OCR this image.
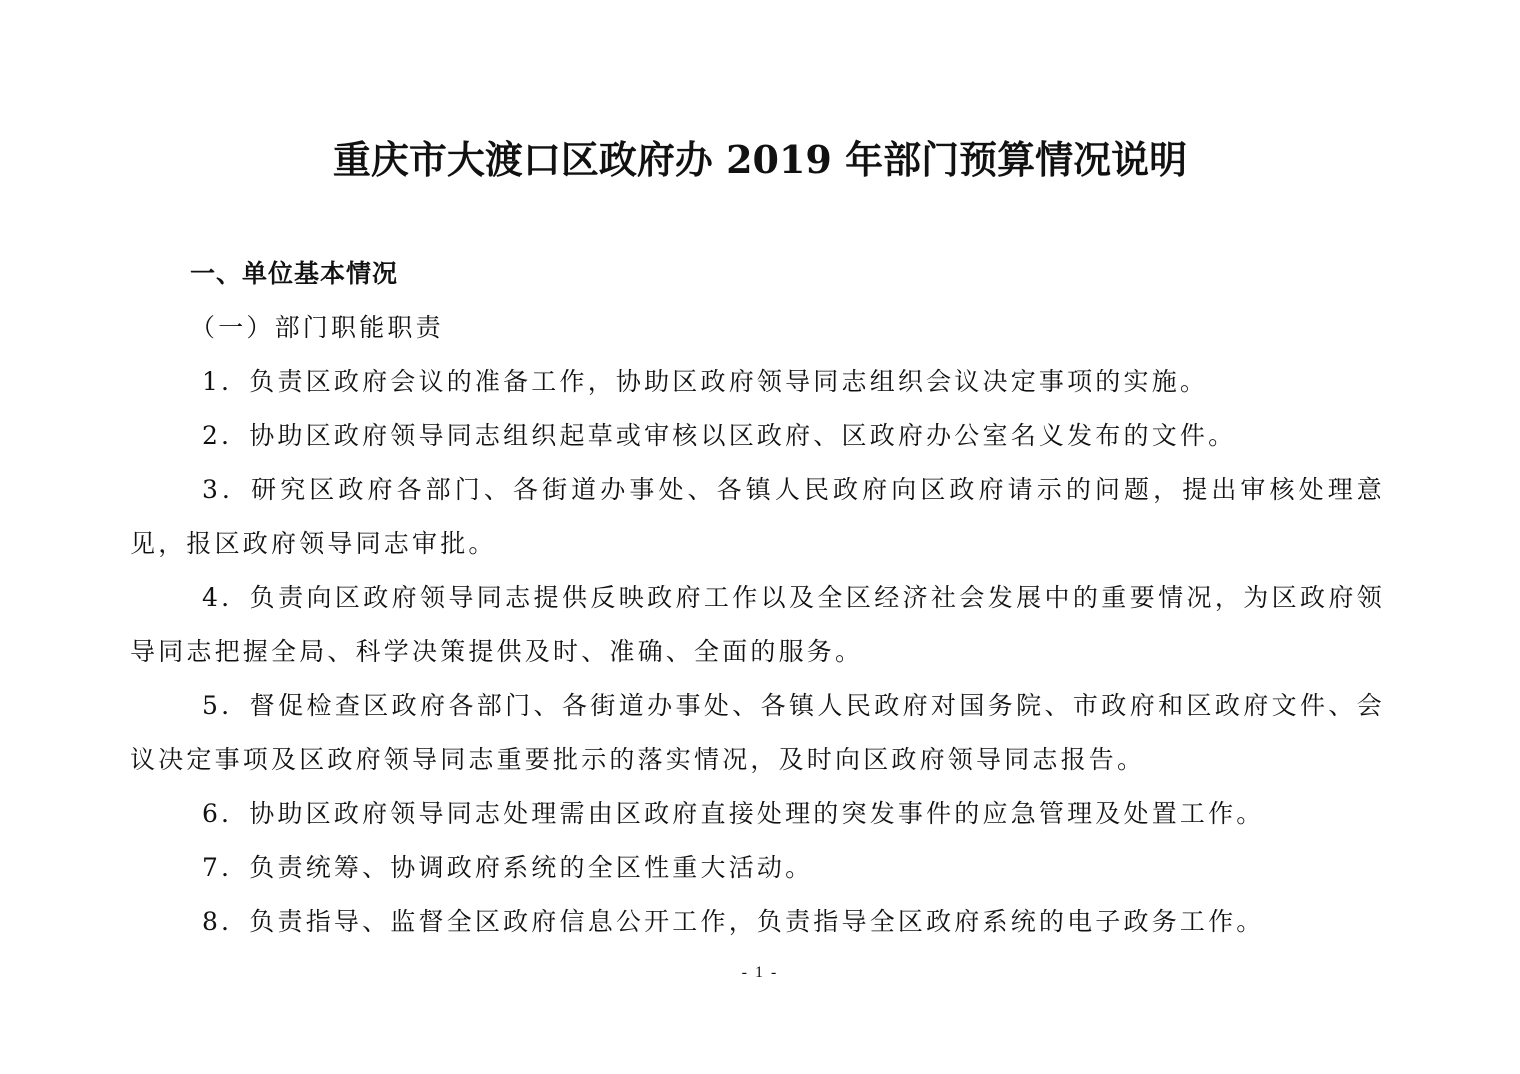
重庆市大渡口区政府办 2019 年部门预算情况说明

一、单位基本情况

（一）部门职能职责

1．负责区政府会议的准备工作，协助区政府领导同志组织会议决定事项的实施。

2．协助区政府领导同志组织起草或审核以区政府、区政府办公室名义发布的文件。

3．研究区政府各部门、各街道办事处、各镇人民政府向区政府请示的问题，提出审核处理意见，报区政府领导同志审批。

4．负责向区政府领导同志提供反映政府工作以及全区经济社会发展中的重要情况，为区政府领导同志把握全局、科学决策提供及时、准确、全面的服务。

5．督促检查区政府各部门、各街道办事处、各镇人民政府对国务院、市政府和区政府文件、会议决定事项及区政府领导同志重要批示的落实情况，及时向区政府领导同志报告。

6．协助区政府领导同志处理需由区政府直接处理的突发事件的应急管理及处置工作。

7．负责统筹、协调政府系统的全区性重大活动。

8．负责指导、监督全区政府信息公开工作，负责指导全区政府系统的电子政务工作。

- 1 -
